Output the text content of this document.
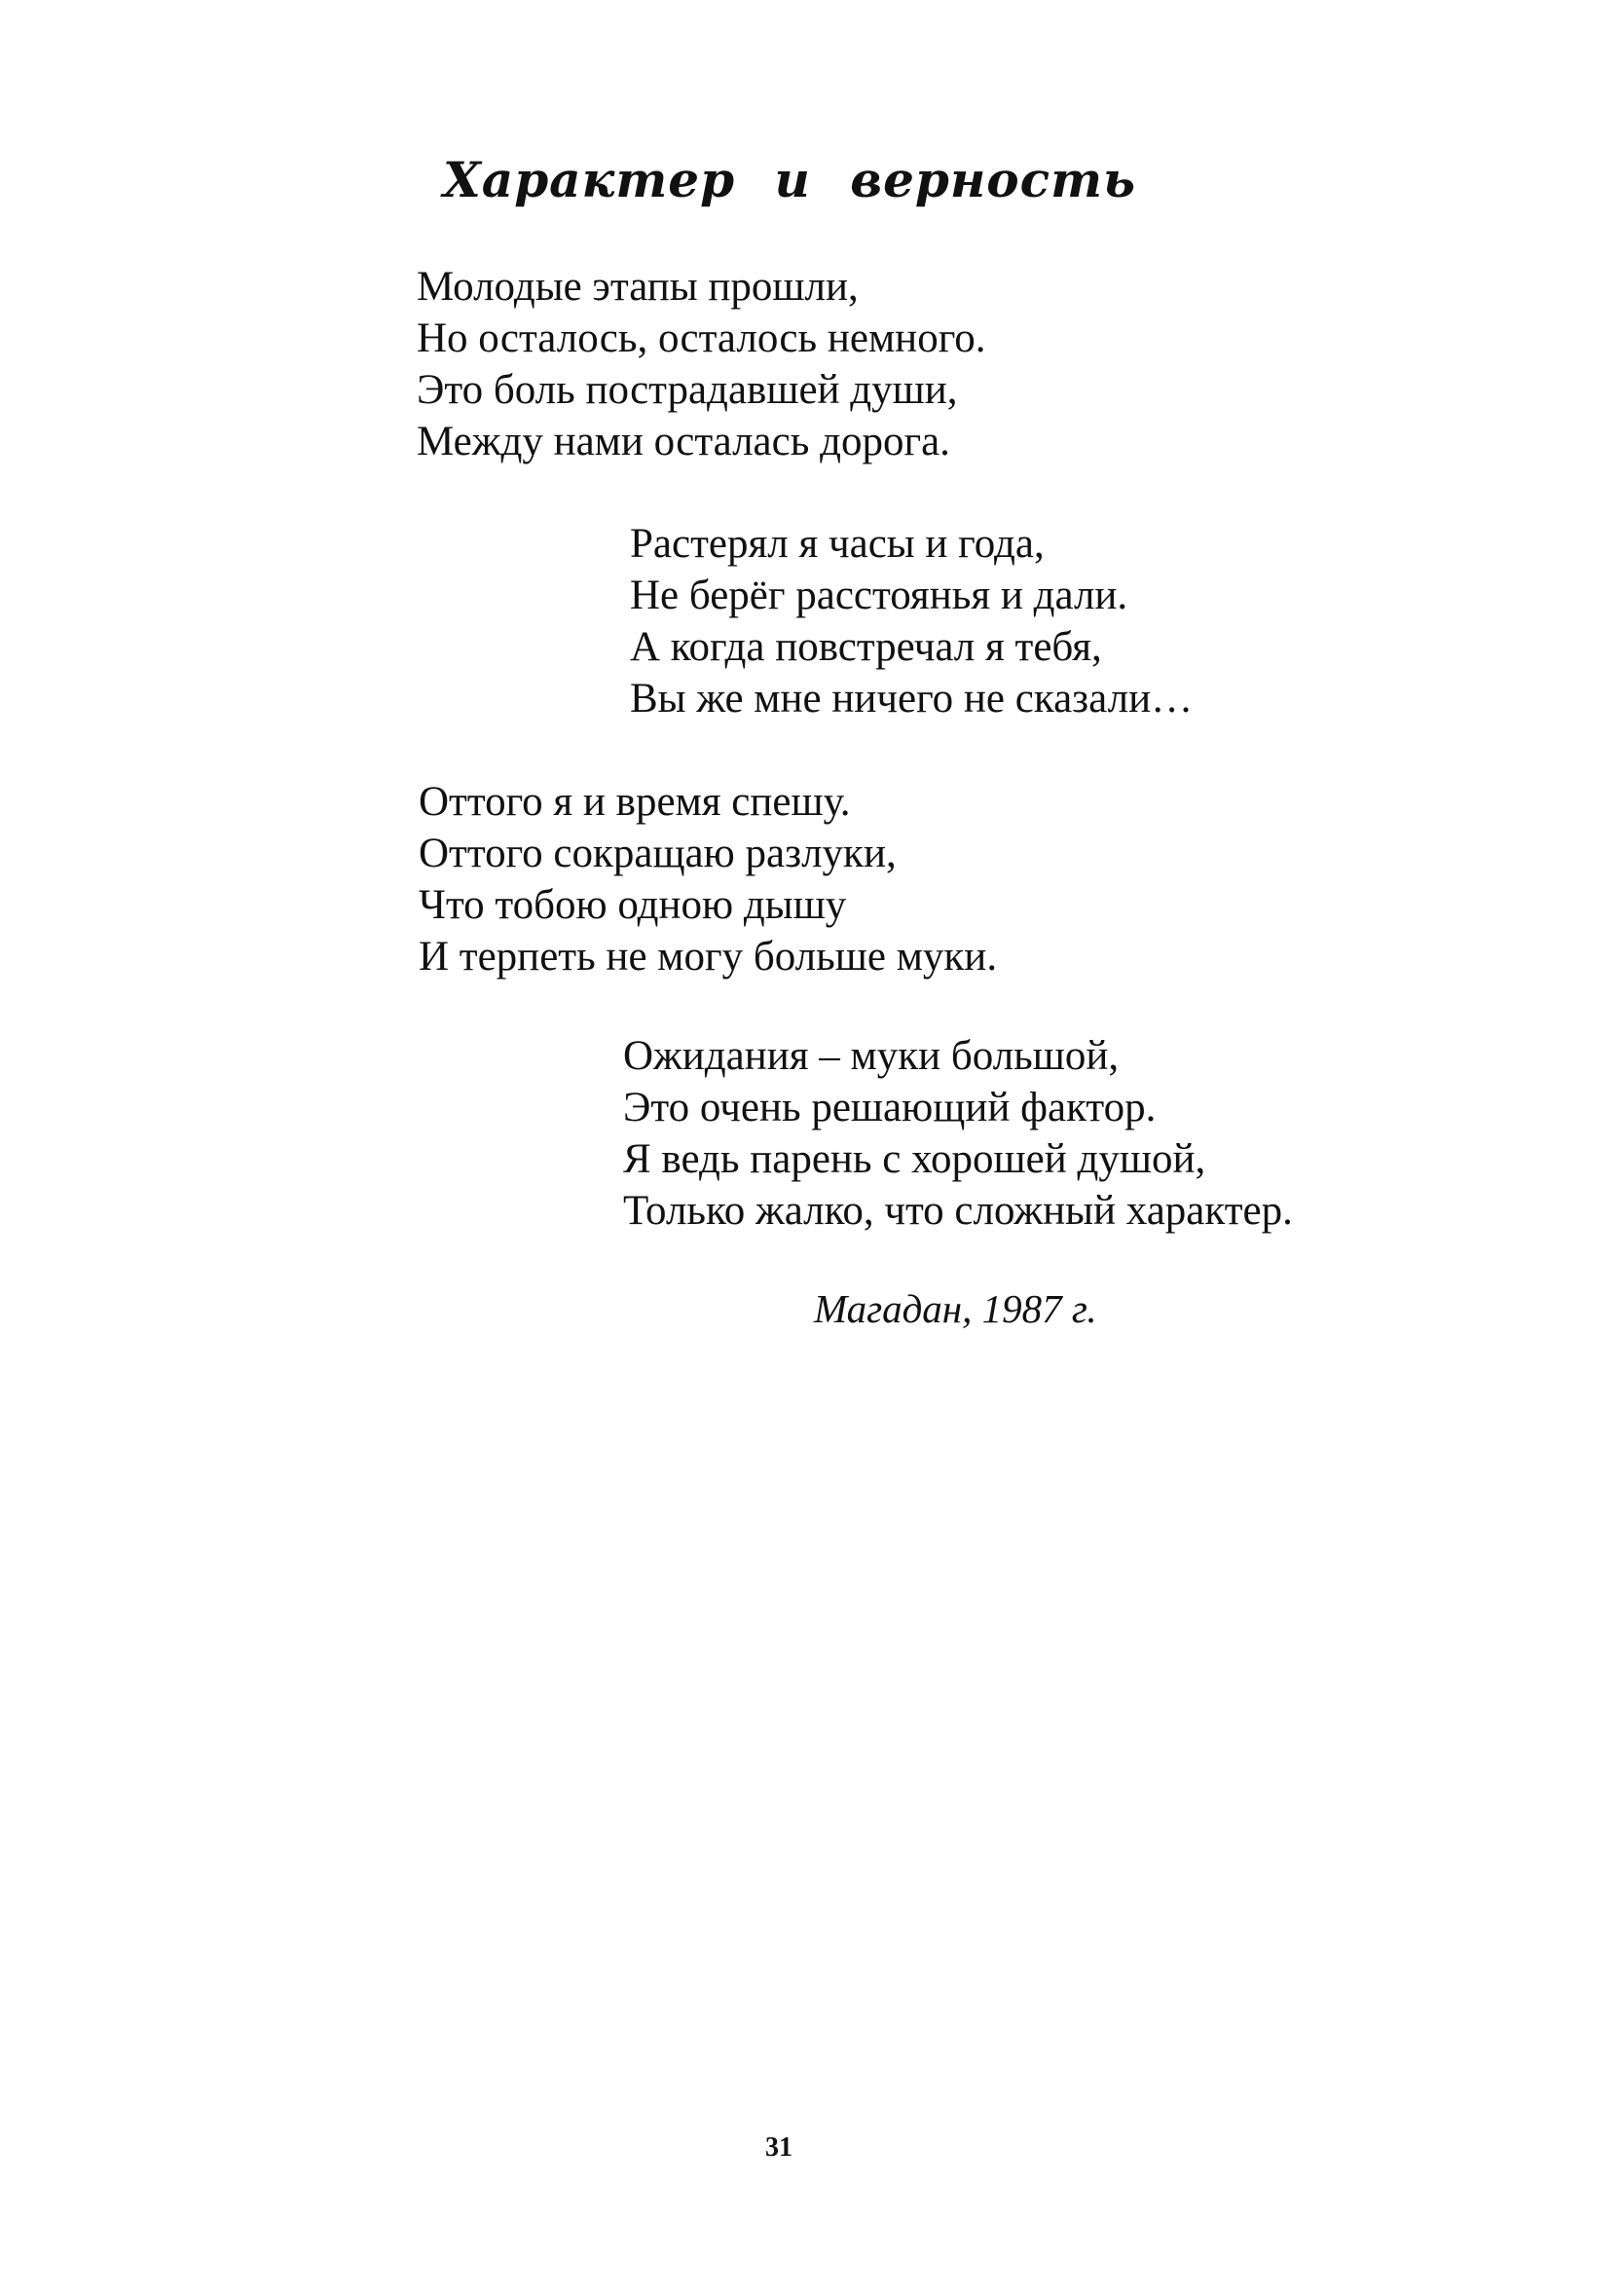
Характер и верность
Молодые этапы прошли,
Но осталось, осталось немного.
Это боль пострадавшей души,
Между нами осталась дорога.
Растерял я часы и года,
Не берёг расстоянья и дали.
А когда повстречал я тебя,
Вы же мне ничего не сказали…
Оттого я и время спешу.
Оттого сокращаю разлуки,
Что тобою одною дышу
И терпеть не могу больше муки.
Ожидания – муки большой,
Это очень решающий фактор.
Я ведь парень с хорошей душой,
Только жалко, что сложный характер.

Магадан, 1987 г.

31
